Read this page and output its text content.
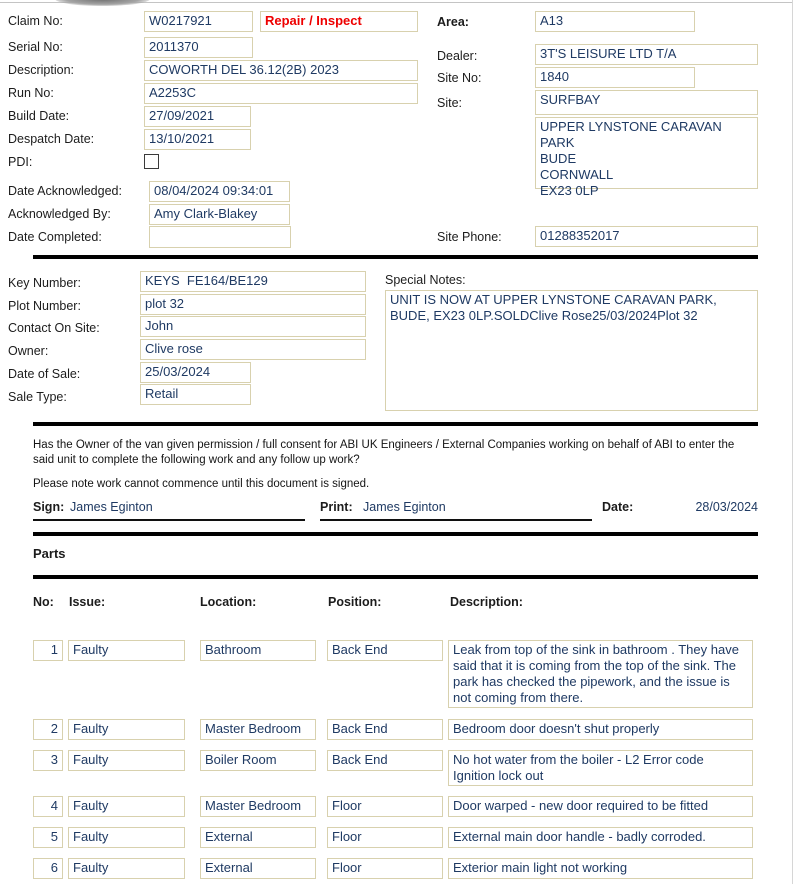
Claim No:	W0217921	Repair / Inspect
Serial No:	2011370
Description:	COWORTH DEL 36.12(2B) 2023
Run No:	A2253C
Build Date:	27/09/2021
Despatch Date:	13/10/2021
PDI:
Date Acknowledged:	08/04/2024 09:34:01
Acknowledged By:	Amy Clark-Blakey
Date Completed:
Area:	A13
Dealer:	3T'S LEISURE LTD T/A
Site No:	1840
Site:	SURFBAY
UPPER LYNSTONE CARAVAN PARK
BUDE
CORNWALL
EX23 0LP
Site Phone:	01288352017
Key Number:	KEYS  FE164/BE129
Plot Number:	plot 32
Contact On Site:	John
Owner:	Clive rose
Date of Sale:	25/03/2024
Sale Type:	Retail
Special Notes:
UNIT IS NOW AT UPPER LYNSTONE CARAVAN PARK, BUDE, EX23 0LP.SOLDClive Rose25/03/2024Plot 32
Has the Owner of the van given permission / full consent for ABI UK Engineers / External Companies working on behalf of ABI to enter the said unit to complete the following work and any follow up work?
Please note work cannot commence until this document is signed.
Sign: James Eginton	Print: James Eginton	Date:	28/03/2024
Parts
No: Issue:	Location:	Position:	Description:
1	Faulty	Bathroom	Back End	Leak from top of the sink in bathroom . They have said that it is coming from the top of the sink. The park has checked the pipework, and the issue is not coming from there.
2	Faulty	Master Bedroom	Back End	Bedroom door doesn't shut properly
3	Faulty	Boiler Room	Back End	No hot water from the boiler - L2 Error code Ignition lock out
4	Faulty	Master Bedroom	Floor	Door warped - new door required to be fitted
5	Faulty	External	Floor	External main door handle - badly corroded.
6	Faulty	External	Floor	Exterior main light not working
